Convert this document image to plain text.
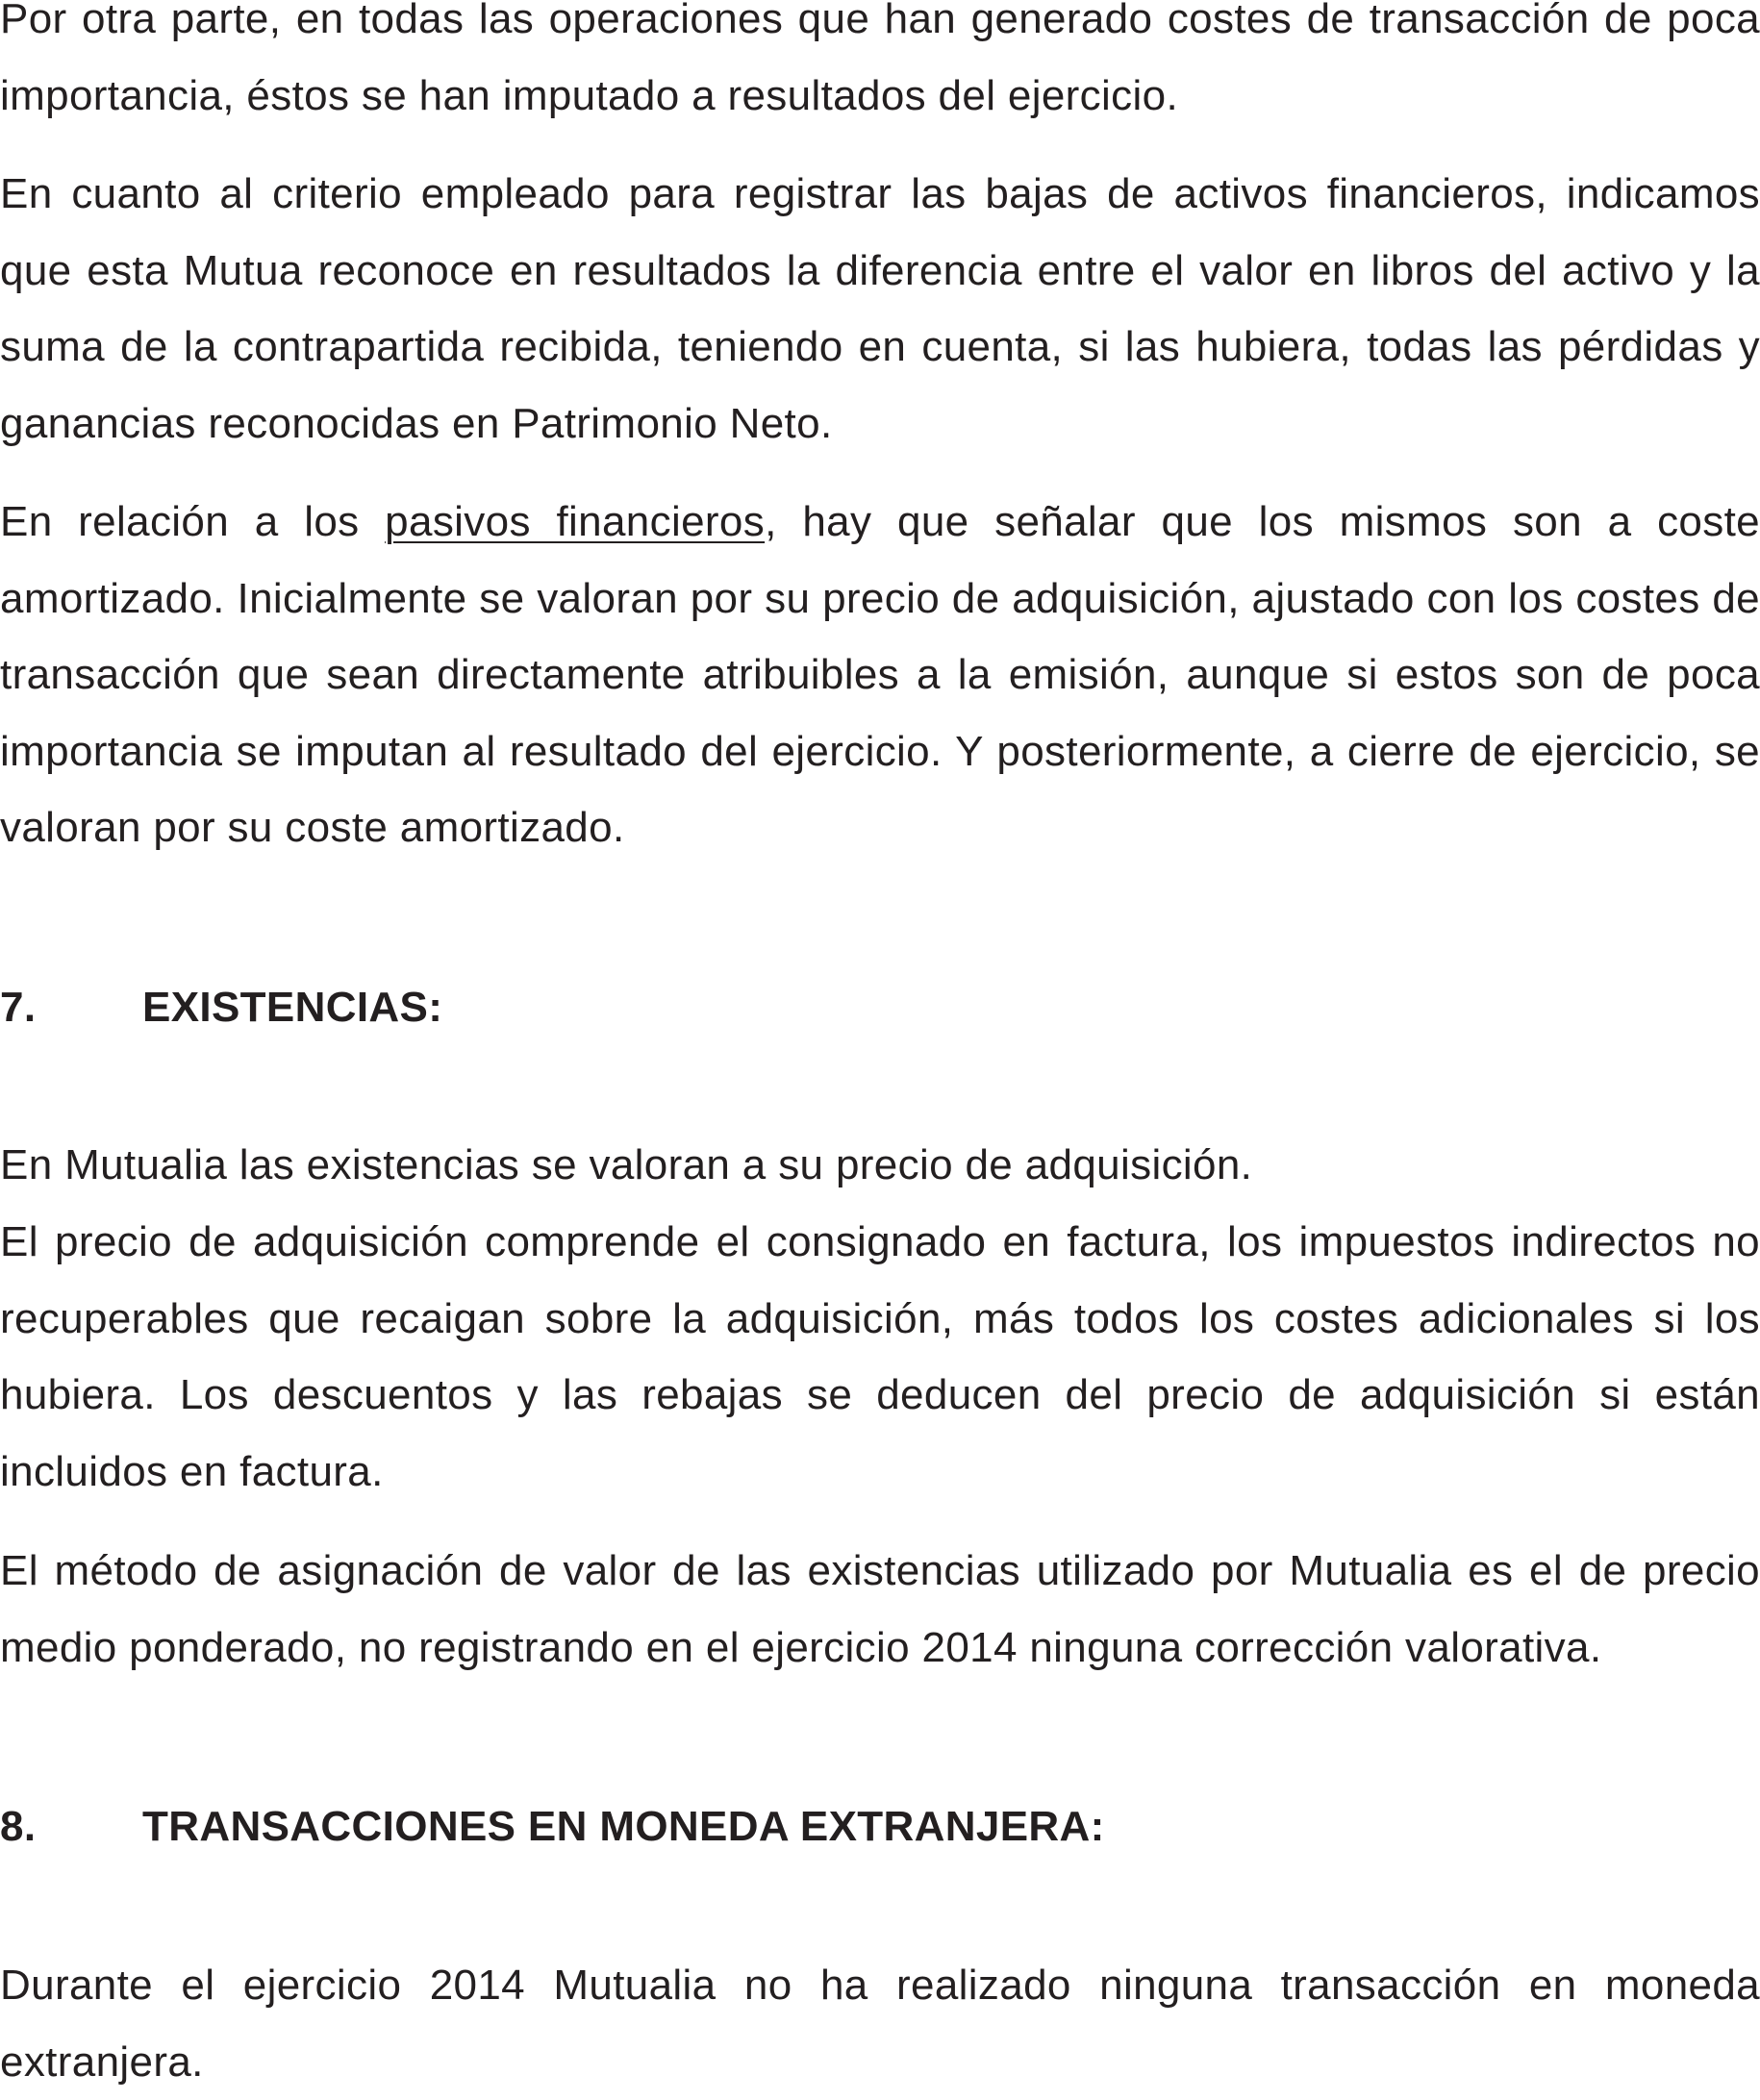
Por otra parte, en todas las operaciones que han generado costes de transacción de poca importancia, éstos se han imputado a resultados del ejercicio.

En cuanto al criterio empleado para registrar las bajas de activos financieros, indicamos que esta Mutua reconoce en resultados la diferencia entre el valor en libros del activo y la suma de la contrapartida recibida, teniendo en cuenta, si las hubiera, todas las pérdidas y ganancias reconocidas en Patrimonio Neto.

En relación a los pasivos financieros, hay que señalar que los mismos son a coste amortizado. Inicialmente se valoran por su precio de adquisición, ajustado con los costes de transacción que sean directamente atribuibles a la emisión, aunque si estos son de poca importancia se imputan al resultado del ejercicio. Y posteriormente, a cierre de ejercicio, se valoran por su coste amortizado.

7.	EXISTENCIAS:

En Mutualia las existencias se valoran a su precio de adquisición.

El precio de adquisición comprende el consignado en factura, los impuestos indirectos no recuperables que recaigan sobre la adquisición, más todos los costes adicionales si los hubiera. Los descuentos y las rebajas se deducen del precio de adquisición si están incluidos en factura.

El método de asignación de valor de las existencias utilizado por Mutualia es el de precio medio ponderado, no registrando en el ejercicio 2014 ninguna corrección valorativa.

8.	TRANSACCIONES EN MONEDA EXTRANJERA:

Durante el ejercicio 2014 Mutualia no ha realizado ninguna transacción en moneda extranjera.
